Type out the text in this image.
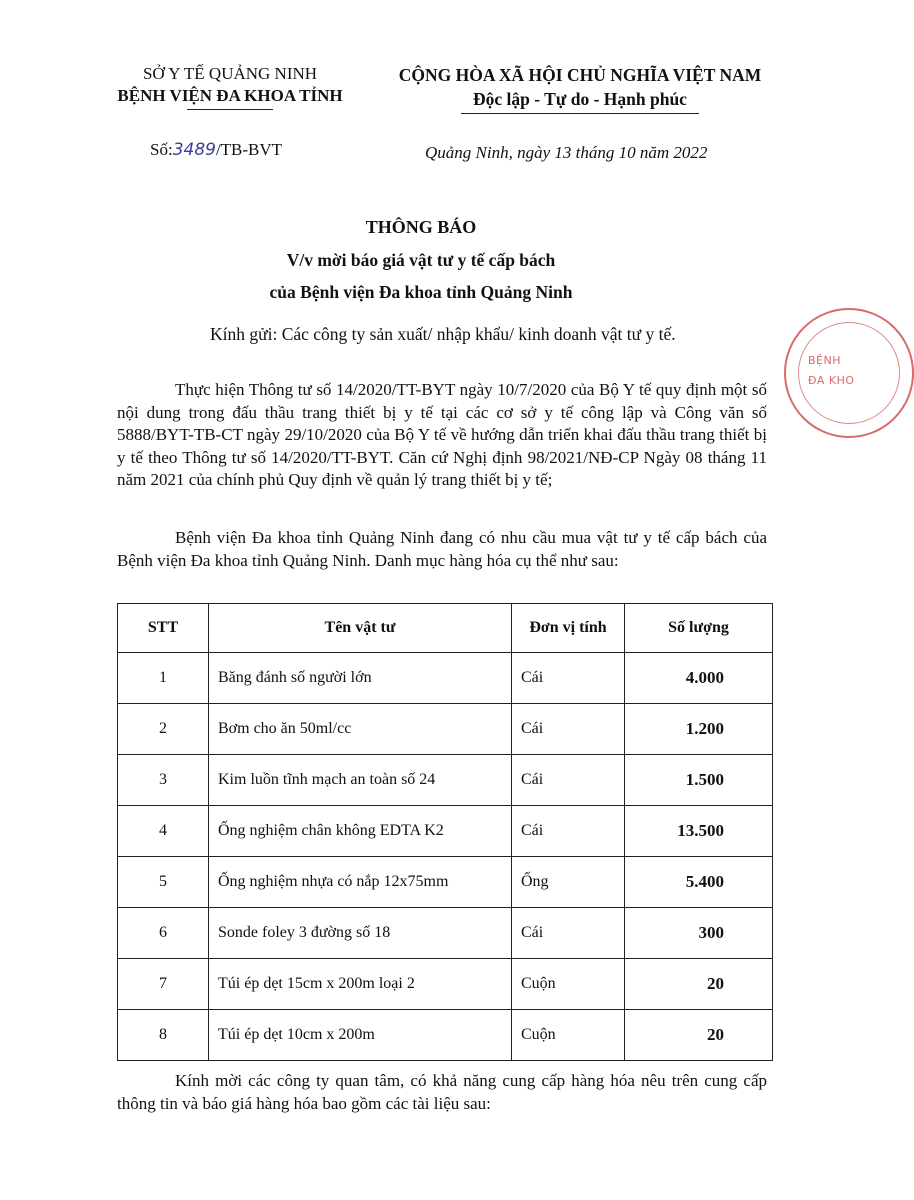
SỞ Y TẾ QUẢNG NINH
BỆNH VIỆN ĐA KHOA TỈNH
CỘNG HÒA XÃ HỘI CHỦ NGHĨA VIỆT NAM
Độc lập - Tự do - Hạnh phúc
Số:3489/TB-BVT	Quảng Ninh, ngày 13 tháng 10 năm 2022
THÔNG BÁO
V/v mời báo giá vật tư y tế cấp bách
của Bệnh viện Đa khoa tỉnh Quảng Ninh
Kính gửi: Các công ty sản xuất/ nhập khẩu/ kinh doanh vật tư y tế.
BỆNH
ĐA KHO
Thực hiện Thông tư số 14/2020/TT-BYT ngày 10/7/2020 của Bộ Y tế quy định một số nội dung trong đấu thầu trang thiết bị y tế tại các cơ sở y tế công lập và Công văn số 5888/BYT-TB-CT ngày 29/10/2020 của Bộ Y tế về hướng dẫn triển khai đấu thầu trang thiết bị y tế theo Thông tư số 14/2020/TT-BYT. Căn cứ Nghị định 98/2021/NĐ-CP Ngày 08 tháng 11 năm 2021 của chính phủ Quy định về quản lý trang thiết bị y tế;
Bệnh viện Đa khoa tỉnh Quảng Ninh đang có nhu cầu mua vật tư y tế cấp bách của Bệnh viện Đa khoa tỉnh Quảng Ninh. Danh mục hàng hóa cụ thể như sau:
STT	Tên vật tư	Đơn vị tính	Số lượng
1	Băng đánh số người lớn	Cái	4.000
2	Bơm cho ăn 50ml/cc	Cái	1.200
3	Kim luồn tĩnh mạch an toàn số 24	Cái	1.500
4	Ống nghiệm chân không EDTA K2	Cái	13.500
5	Ống nghiệm nhựa có nắp 12x75mm	Ống	5.400
6	Sonde foley 3 đường số 18	Cái	300
7	Túi ép dẹt 15cm x 200m loại 2	Cuộn	20
8	Túi ép dẹt 10cm x 200m	Cuộn	20
Kính mời các công ty quan tâm, có khả năng cung cấp hàng hóa nêu trên cung cấp thông tin và báo giá hàng hóa bao gồm các tài liệu sau:
